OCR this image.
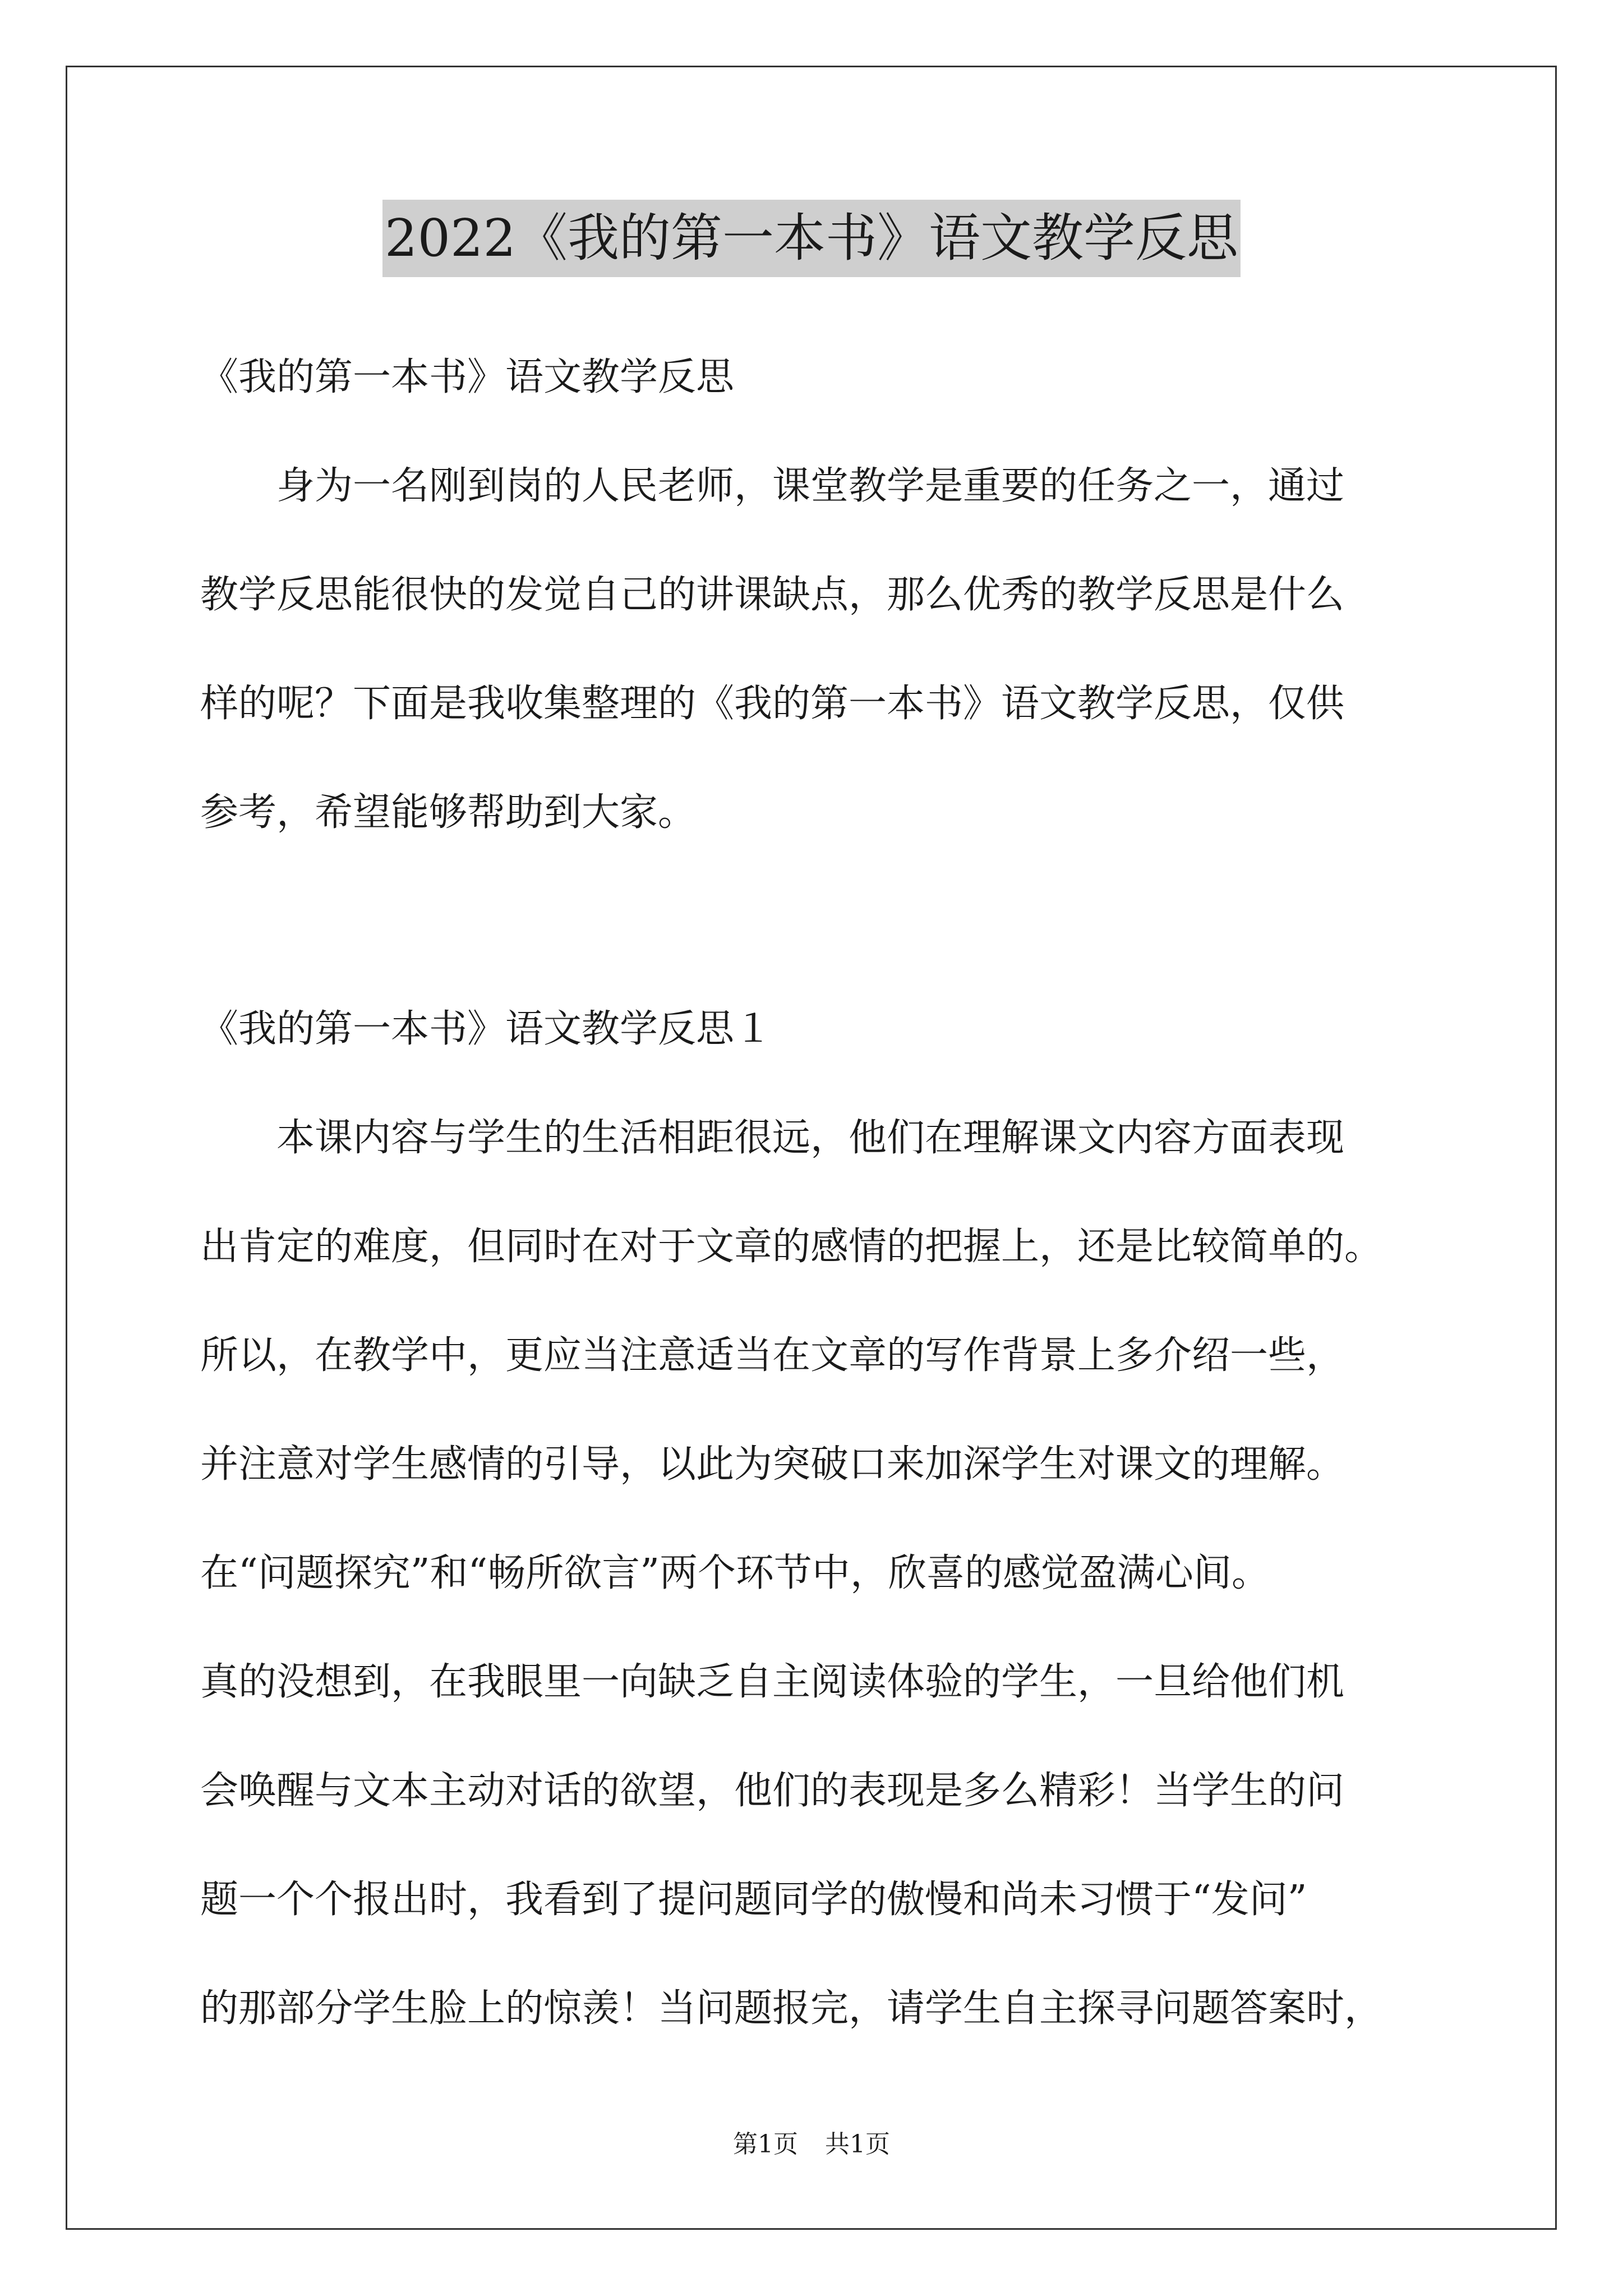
2022《我的第一本书》语文教学反思
《我的第一本书》语文教学反思
　　身为一名刚到岗的人民老师，课堂教学是重要的任务之一，通过
教学反思能很快的发觉自己的讲课缺点，那么优秀的教学反思是什么
样的呢？下面是我收集整理的《我的第一本书》语文教学反思，仅供
参考，希望能够帮助到大家。
《我的第一本书》语文教学反思１
　　本课内容与学生的生活相距很远，他们在理解课文内容方面表现
出肯定的难度，但同时在对于文章的感情的把握上，还是比较简单的。
所以，在教学中，更应当注意适当在文章的写作背景上多介绍一些，
并注意对学生感情的引导，以此为突破口来加深学生对课文的理解。
在“问题探究”和“畅所欲言”两个环节中，欣喜的感觉盈满心间。
真的没想到，在我眼里一向缺乏自主阅读体验的学生，一旦给他们机
会唤醒与文本主动对话的欲望，他们的表现是多么精彩！当学生的问
题一个个报出时，我看到了提问题同学的傲慢和尚未习惯于“发问”
的那部分学生脸上的惊羡！当问题报完，请学生自主探寻问题答案时，
第1页 共1页
